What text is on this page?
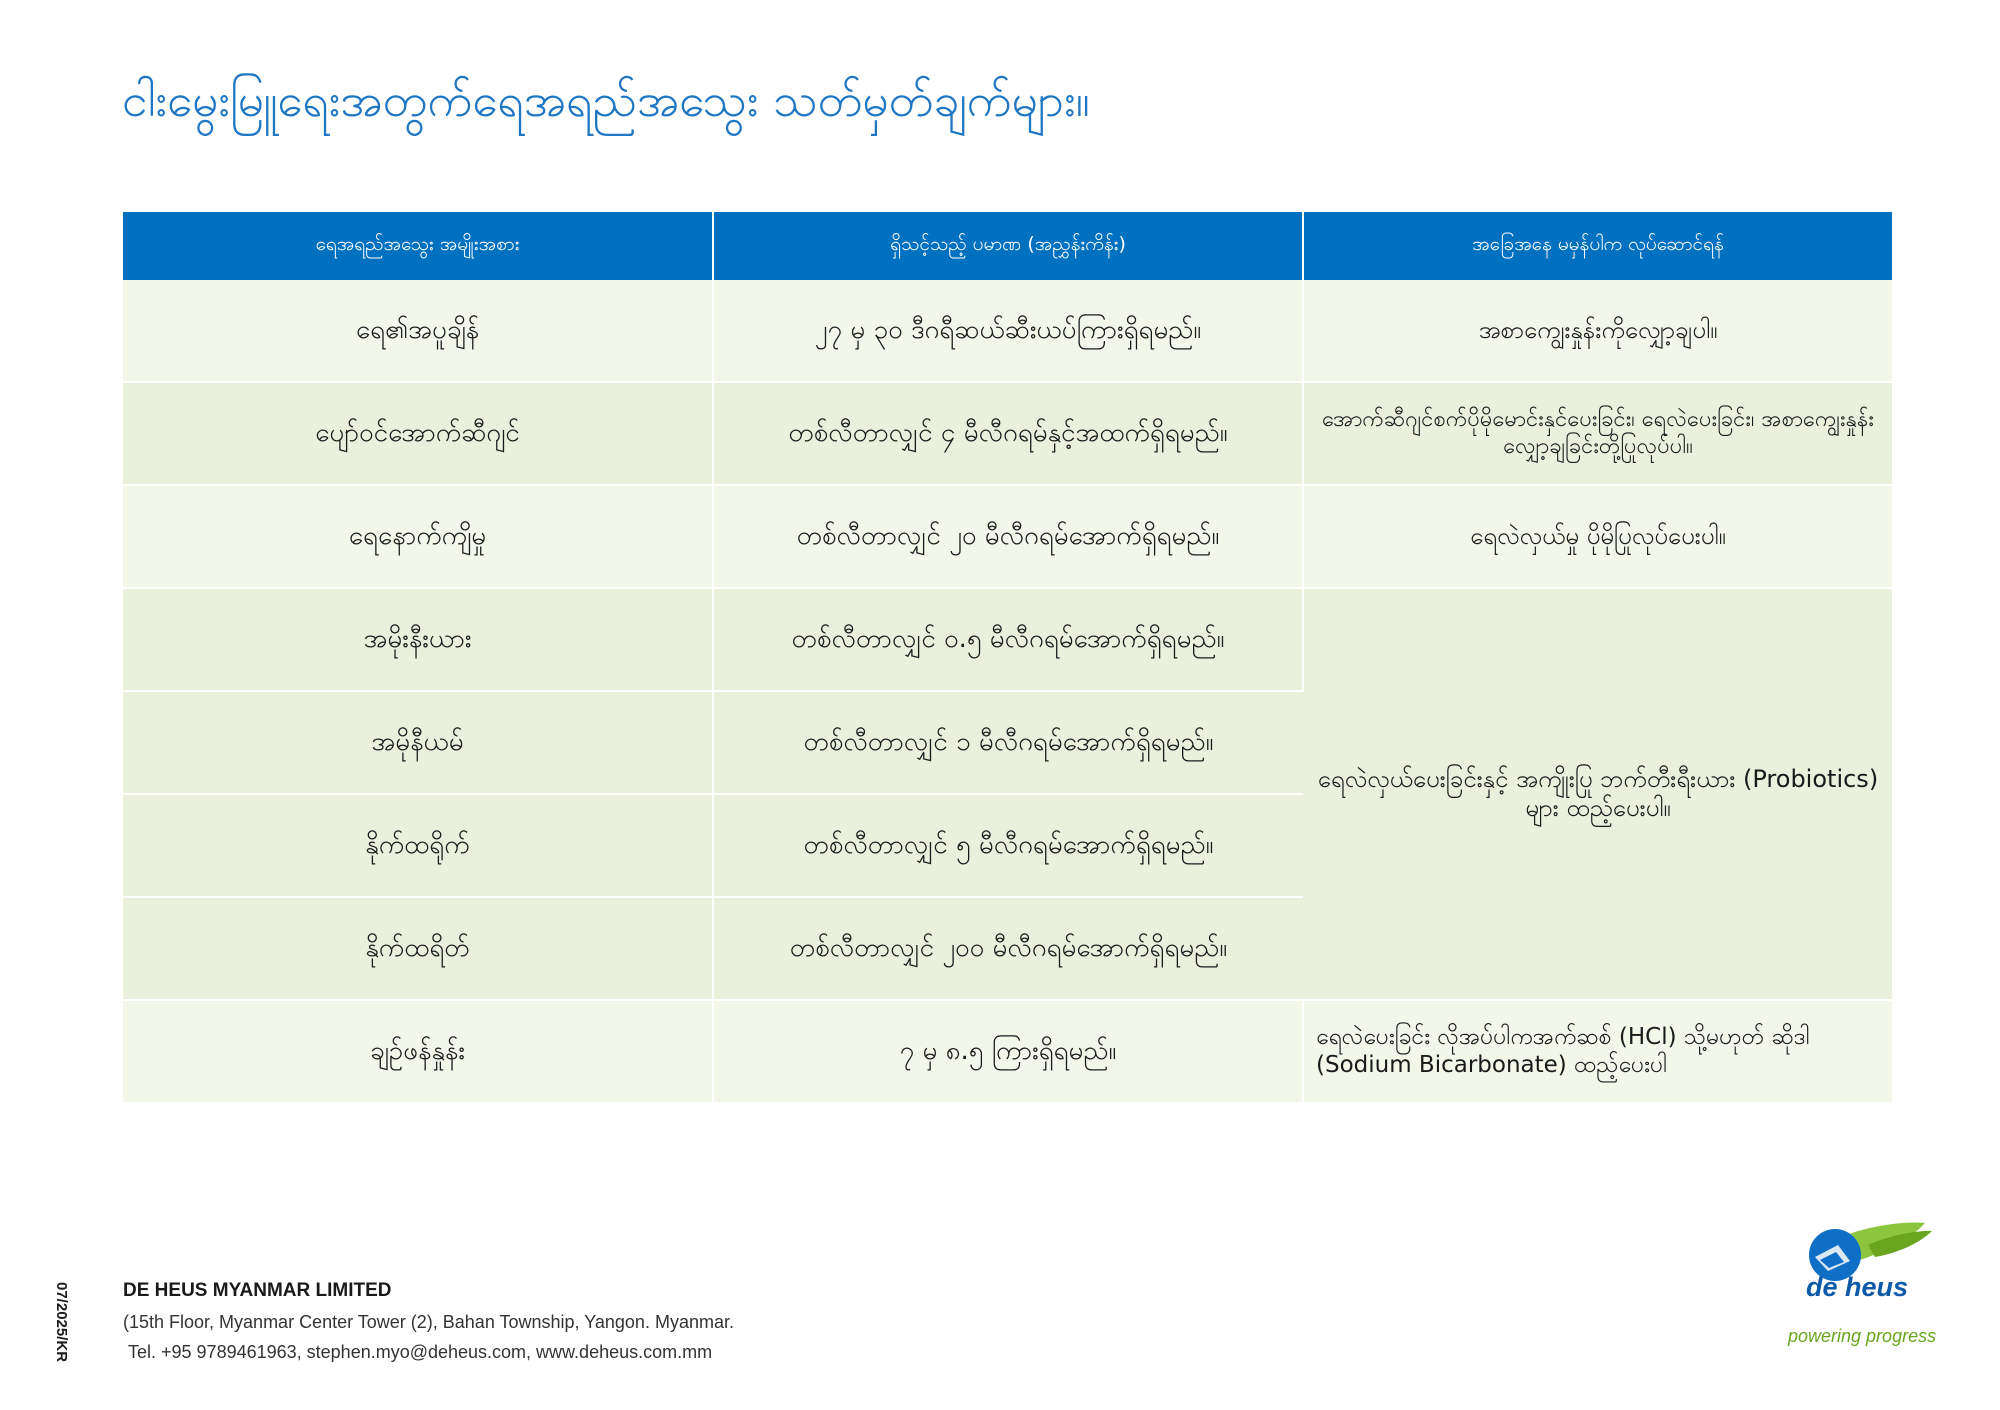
ငါးမွေးမြူရေးအတွက်ရေအရည်အသွေး သတ်မှတ်ချက်များ။
ရေအရည်အသွေး အမျိုးအစား	ရှိသင့်သည့် ပမာဏ (အညွှန်းကိန်း)	အခြေအနေ မမှန်ပါက လုပ်ဆောင်ရန်
ရေ၏အပူချိန်	၂၇ မှ ၃၀ ဒီဂရီဆယ်ဆီးယပ်ကြားရှိရမည်။	အစာကျွေးနှုန်းကိုလျှော့ချပါ။
ပျော်ဝင်အောက်ဆီဂျင်	တစ်လီတာလျှင် ၄ မီလီဂရမ်နှင့်အထက်ရှိရမည်။	အောက်ဆီဂျင်စက်ပိုမိုမောင်းနှင်ပေးခြင်း၊ ရေလဲပေးခြင်း၊ အစာကျွေးနှုန်းလျှော့ချခြင်းတို့ပြုလုပ်ပါ။
ရေနောက်ကျိမှု	တစ်လီတာလျှင် ၂၀ မီလီဂရမ်အောက်ရှိရမည်။	ရေလဲလှယ်မှု ပိုမိုပြုလုပ်ပေးပါ။
အမိုးနီးယား	တစ်လီတာလျှင် ၀.၅ မီလီဂရမ်အောက်ရှိရမည်။	ရေလဲလှယ်ပေးခြင်းနှင့် အကျိုးပြု ဘက်တီးရီးယား (Probiotics) များ ထည့်ပေးပါ။
အမိုနီယမ်	တစ်လီတာလျှင် ၁ မီလီဂရမ်အောက်ရှိရမည်။	
နိုက်ထရိုက်	တစ်လီတာလျှင် ၅ မီလီဂရမ်အောက်ရှိရမည်။	
နိုက်ထရိတ်	တစ်လီတာလျှင် ၂၀၀ မီလီဂရမ်အောက်ရှိရမည်။	
ချဉ်ဖန်နှုန်း	၇ မှ ၈.၅ ကြားရှိရမည်။	ရေလဲပေးခြင်း လိုအပ်ပါကအက်ဆစ် (HCl) သို့မဟုတ် ဆိုဒါ (Sodium Bicarbonate) ထည့်ပေးပါ
07/2025/KR	DE HEUS MYANMAR LIMITED
(15th Floor, Myanmar Center Tower (2), Bahan Township, Yangon. Myanmar.
Tel. +95 9789461963, stephen.myo@deheus.com, www.deheus.com.mm
de heus
powering progress
